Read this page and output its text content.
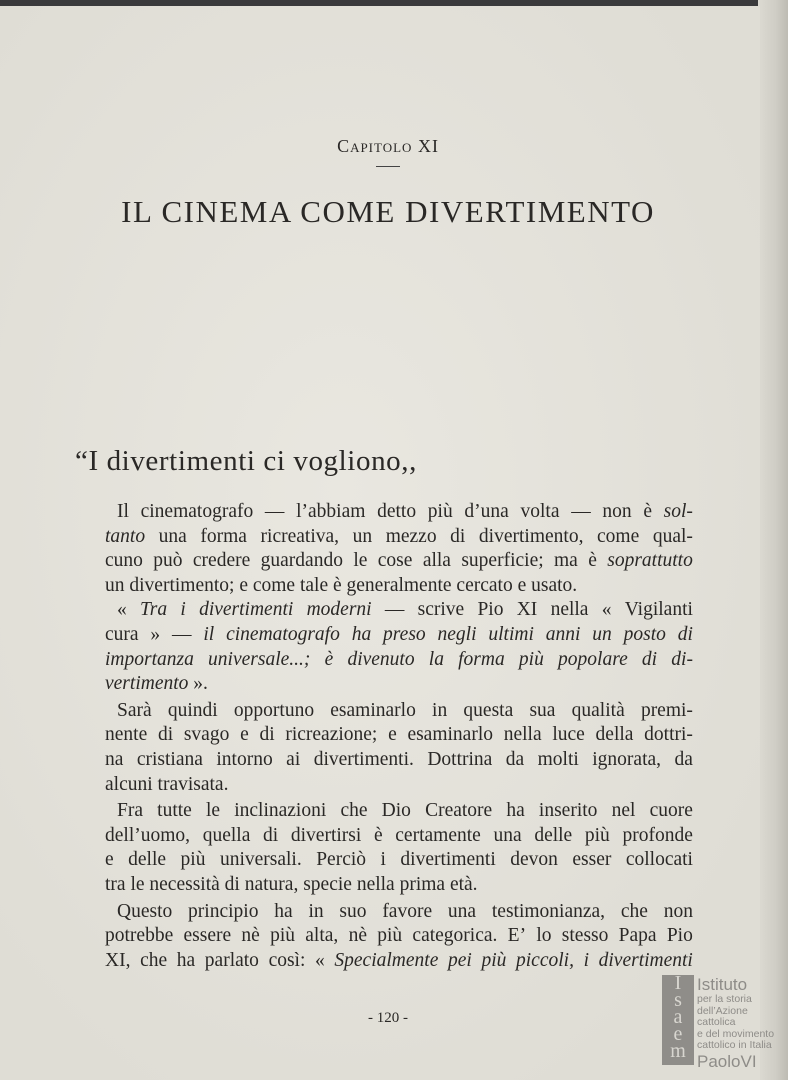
Capitolo XI
IL CINEMA COME DIVERTIMENTO
“I divertimenti ci vogliono,,
Il cinematografo — l’abbiam detto più d’una volta — non è sol-
tanto una forma ricreativa, un mezzo di divertimento, come qual-
cuno può credere guardando le cose alla superficie; ma è soprattutto
un divertimento; e come tale è generalmente cercato e usato.
« Tra i divertimenti moderni — scrive Pio XI nella « Vigilanti
cura » — il cinematografo ha preso negli ultimi anni un posto di
importanza universale...; è divenuto la forma più popolare di di-
vertimento ».
Sarà quindi opportuno esaminarlo in questa sua qualità premi-
nente di svago e di ricreazione; e esaminarlo nella luce della dottri-
na cristiana intorno ai divertimenti. Dottrina da molti ignorata, da
alcuni travisata.
Fra tutte le inclinazioni che Dio Creatore ha inserito nel cuore
dell’uomo, quella di divertirsi è certamente una delle più profonde
e delle più universali. Perciò i divertimenti devon esser collocati
tra le necessità di natura, specie nella prima età.
Questo principio ha in suo favore una testimonianza, che non
potrebbe essere nè più alta, nè più categorica. E’ lo stesso Papa Pio
XI, che ha parlato così: « Specialmente pei più piccoli, i divertimenti
- 120 -
I
s
a
e
m
Istituto
per la storia
dell’Azione cattolica
e del movimento
cattolico in Italia
PaoloVI
